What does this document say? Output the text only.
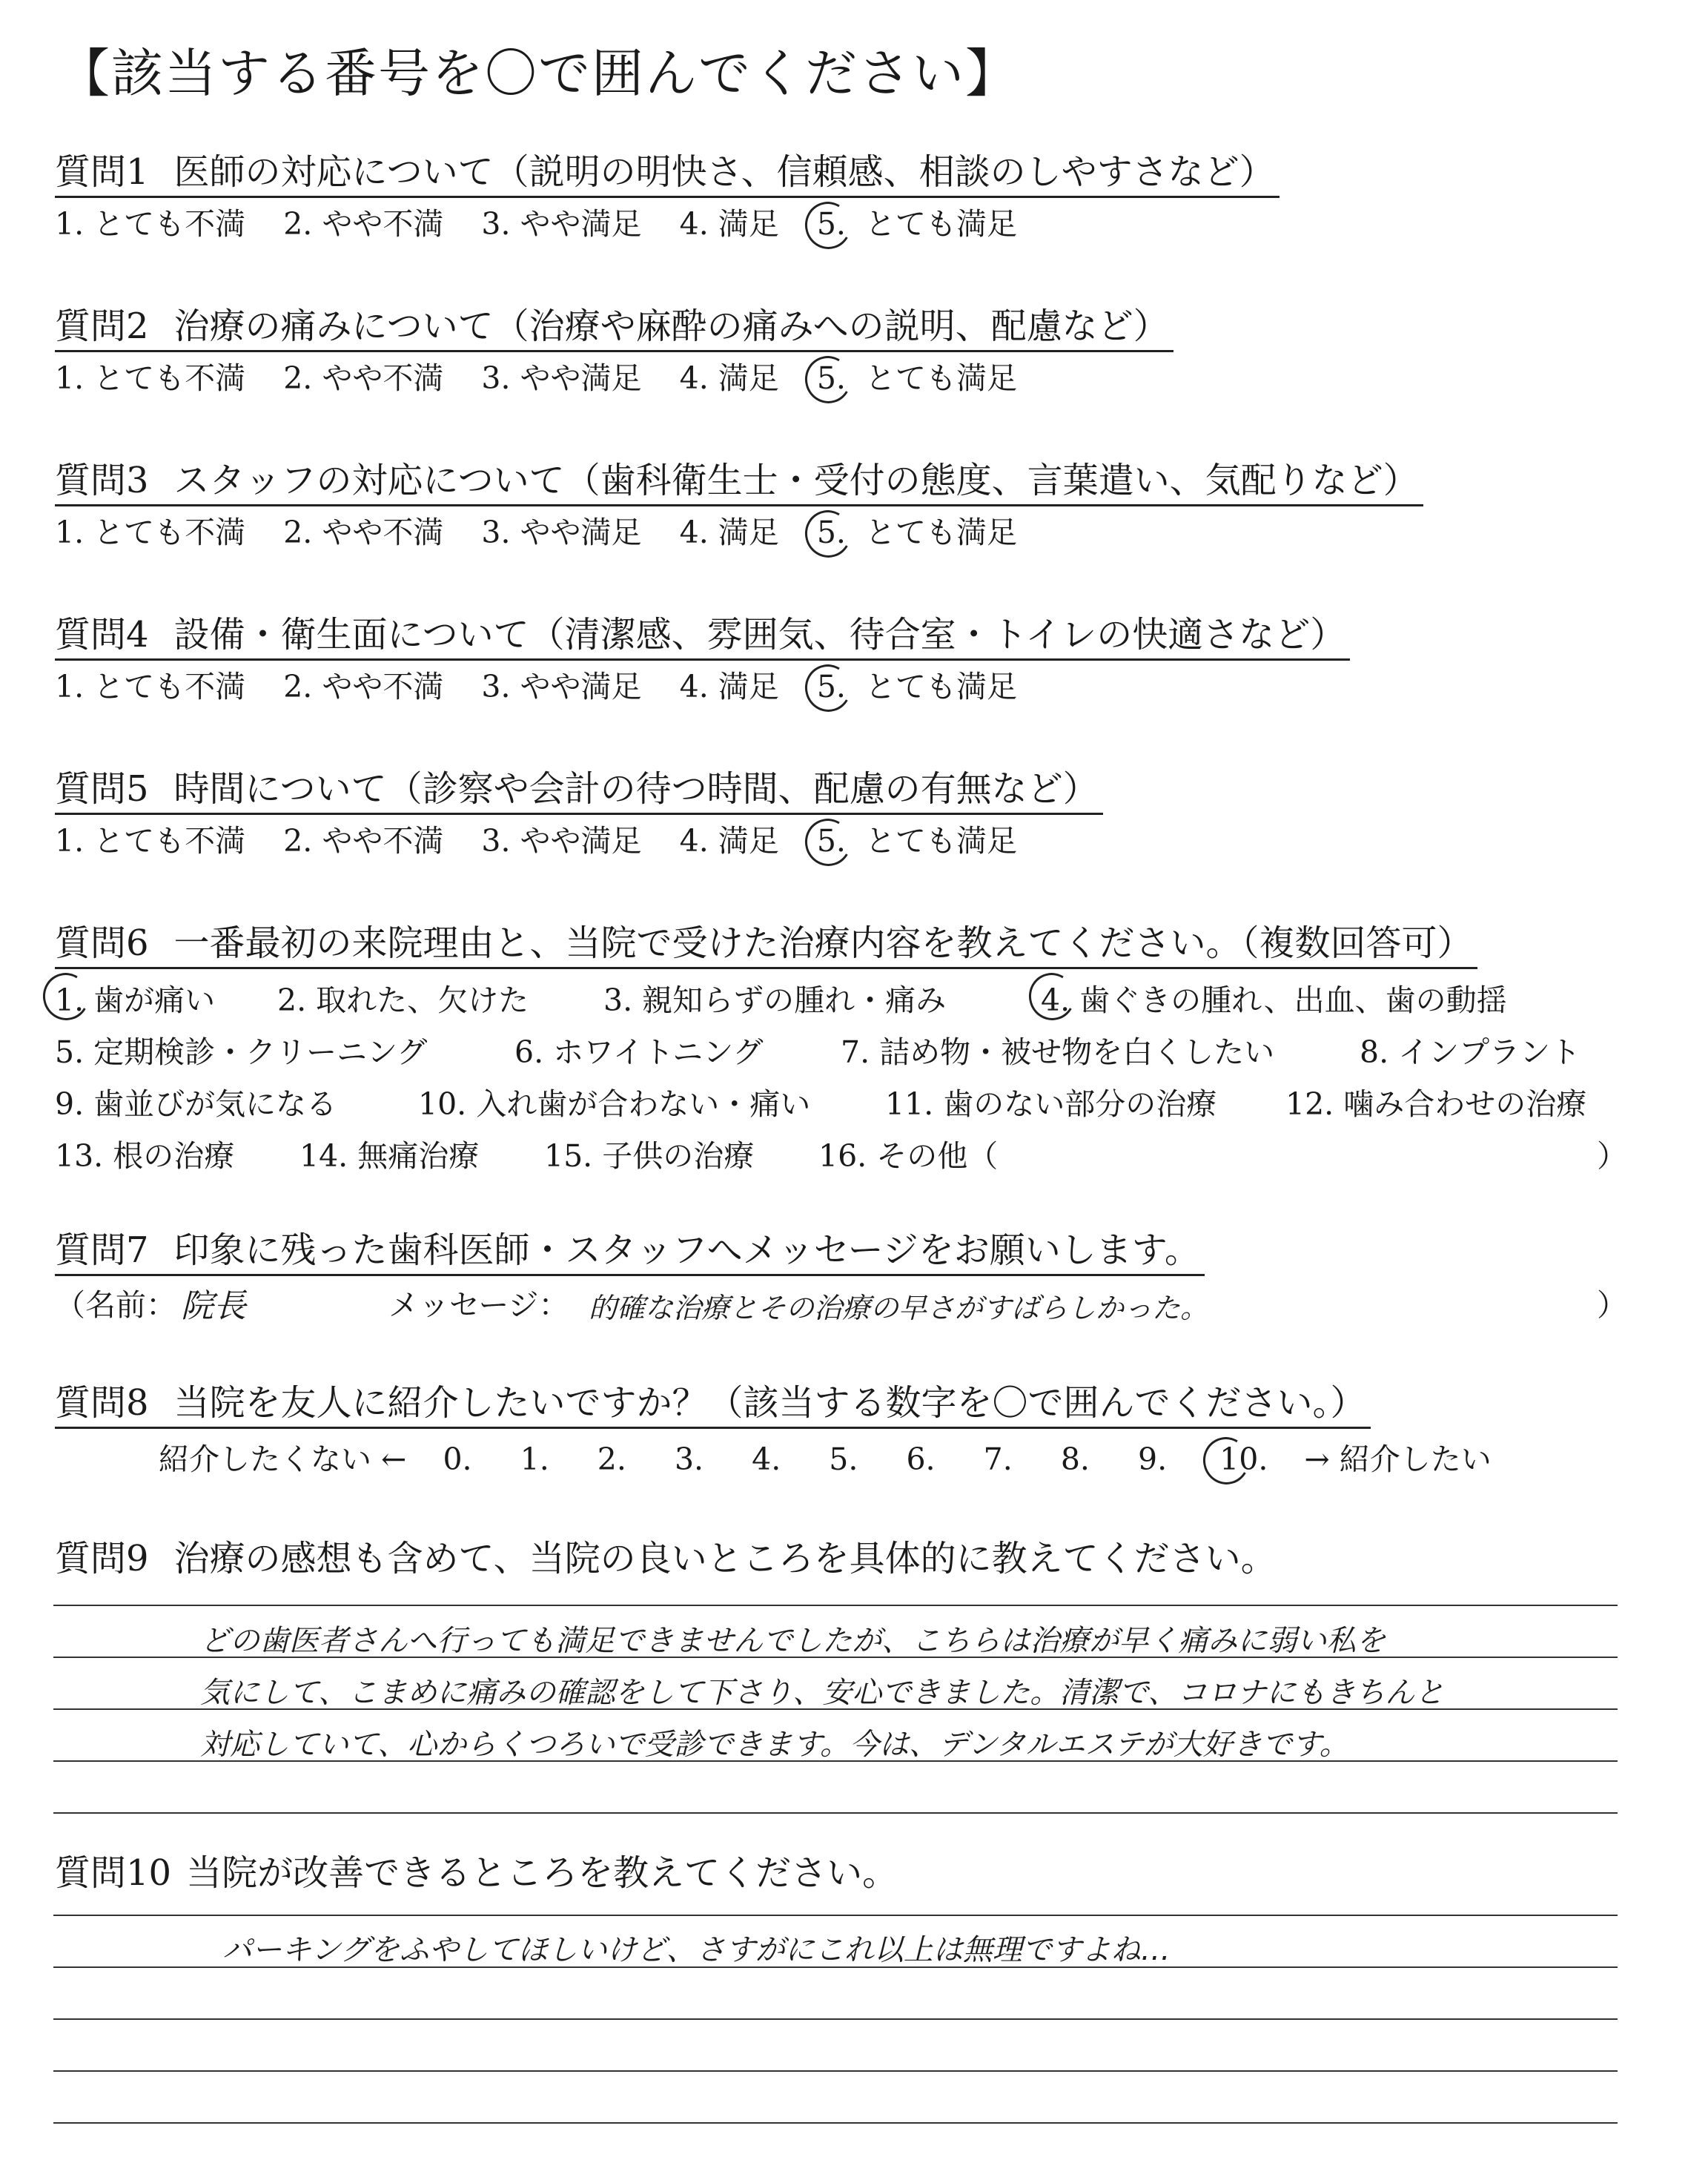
【該当する番号を〇で囲んでください】
質問1 医師の対応について（説明の明快さ、信頼感、相談のしやすさなど）
1. とても不満 2. やや不満 3. やや満足 4. 満足 5. とても満足
質問2 治療の痛みについて（治療や麻酔の痛みへの説明、配慮など）
1. とても不満 2. やや不満 3. やや満足 4. 満足 5. とても満足
質問3 スタッフの対応について（歯科衛生士・受付の態度、言葉遣い、気配りなど）
1. とても不満 2. やや不満 3. やや満足 4. 満足 5. とても満足
質問4 設備・衛生面について（清潔感、雰囲気、待合室・トイレの快適さなど）
1. とても不満 2. やや不満 3. やや満足 4. 満足 5. とても満足
質問5 時間について（診察や会計の待つ時間、配慮の有無など）
1. とても不満 2. やや不満 3. やや満足 4. 満足 5. とても満足
質問6 一番最初の来院理由と、当院で受けた治療内容を教えてください。（複数回答可）
1. 歯が痛い 2. 取れた、欠けた 3. 親知らずの腫れ・痛み	4. 歯ぐきの腫れ、出血、歯の動揺
5. 定期検診・クリーニング	6. ホワイトニング	7. 詰め物・被せ物を白くしたい	8. インプラント
9. 歯並びが気になる	10. 入れ歯が合わない・痛い 11. 歯のない部分の治療 12. 噛み合わせの治療
13. 根の治療 14. 無痛治療 15. 子供の治療 16. その他（	）
質問7 印象に残った歯科医師・スタッフへメッセージをお願いします。
（名前： 院長	メッセージ： 的確な治療とその治療の早さがすばらしかった。	）
質問8 当院を友人に紹介したいですか？（該当する数字を〇で囲んでください。）
紹介したくない ← 0. 1. 2. 3. 4. 5. 6. 7. 8. 9. 10. → 紹介したい
質問9 治療の感想も含めて、当院の良いところを具体的に教えてください。
どの歯医者さんへ行っても満足できませんでしたが、こちらは治療が早く痛みに弱い私を
気にして、こまめに痛みの確認をして下さり、安心できました。清潔で、コロナにもきちんと
対応していて、心からくつろいで受診できます。今は、デンタルエステが大好きです。
質問10 当院が改善できるところを教えてください。
パーキングをふやしてほしいけど、さすがにこれ以上は無理ですよね…
